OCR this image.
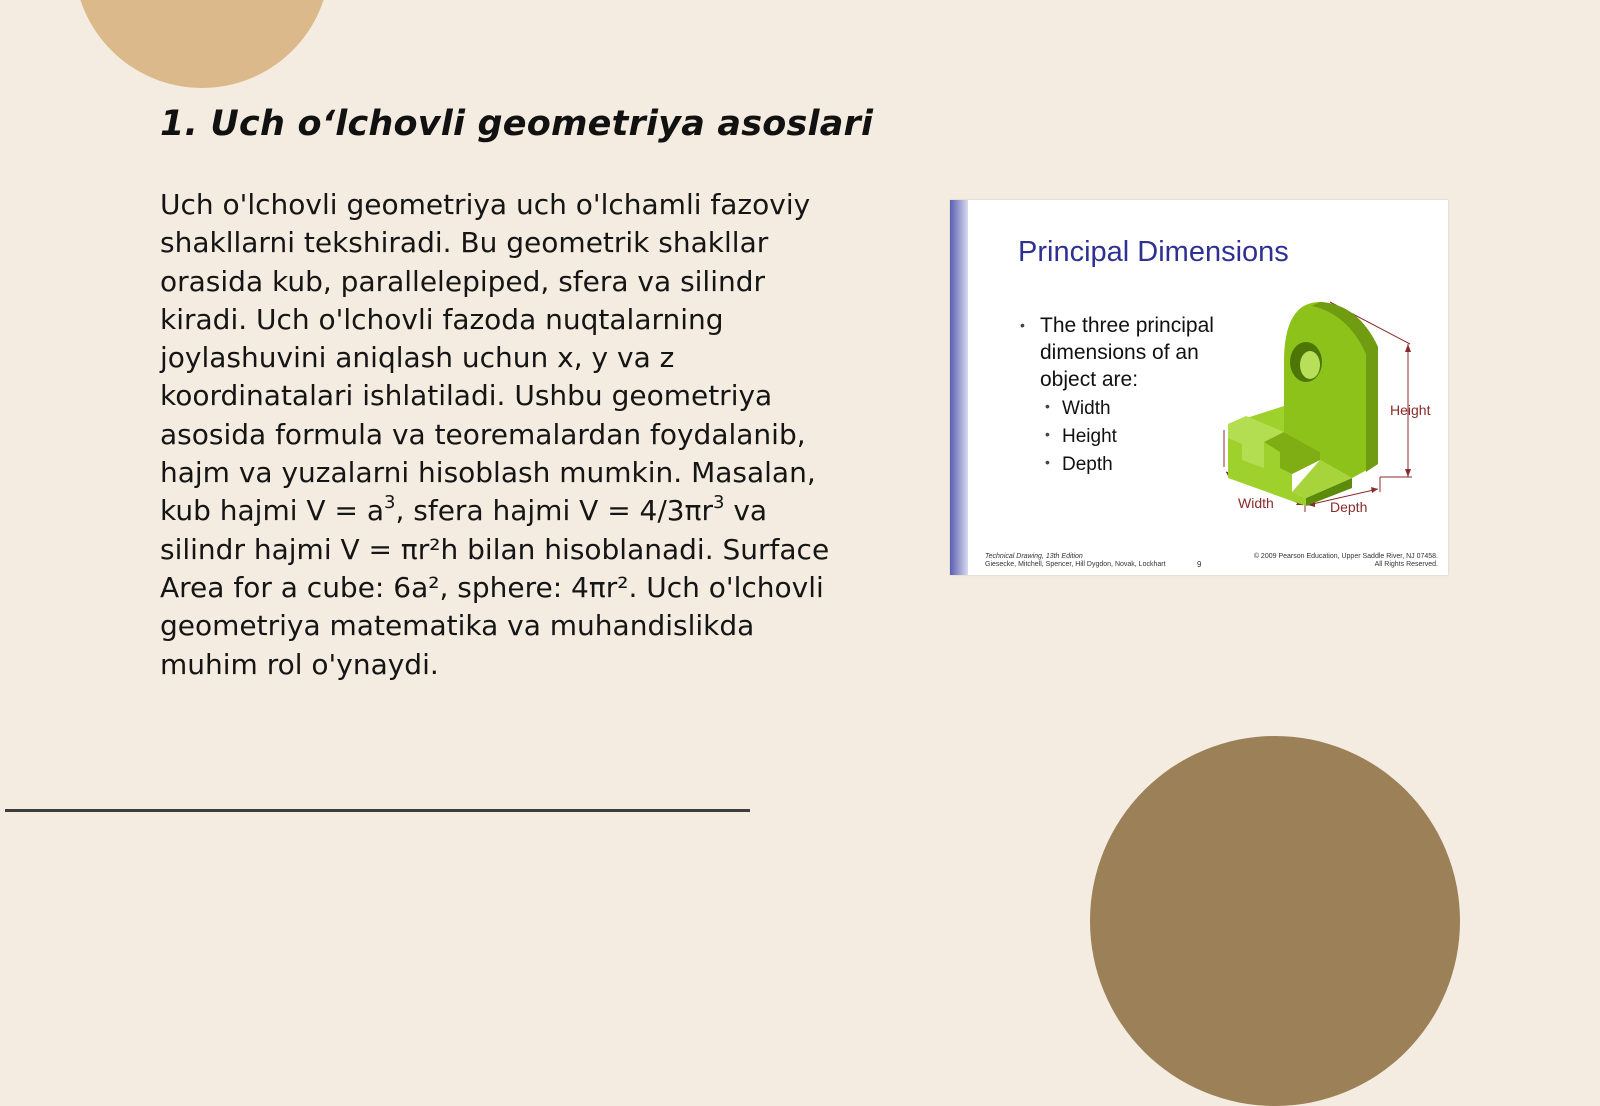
1. Uch o‘lchovli geometriya asoslari
Uch o'lchovli geometriya uch o'lchamli fazoviy shakllarni tekshiradi. Bu geometrik shakllar orasida kub, parallelepiped, sfera va silindr kiradi. Uch o'lchovli fazoda nuqtalarning joylashuvini aniqlash uchun x, y va z koordinatalari ishlatiladi. Ushbu geometriya asosida formula va teoremalardan foydalanib, hajm va yuzalarni hisoblash mumkin. Masalan, kub hajmi $V = a^3$, sfera hajmi $V = 4/3\pi r^3$ va silindr hajmi V = πr²h bilan hisoblanadi. Surface Area for a cube: 6a², sphere: 4πr². Uch o'lchovli geometriya matematika va muhandislikda muhim rol o'ynaydi.
Principal Dimensions
• The three principal dimensions of an object are:
• Width
• Height
• Depth
Height
Width	Depth
Technical Drawing, 13th Edition
Giesecke, Mitchell, Spencer, Hill Dygdon, Novak, Lockhart	9
© 2009 Pearson Education, Upper Saddle River, NJ 07458.
All Rights Reserved.
